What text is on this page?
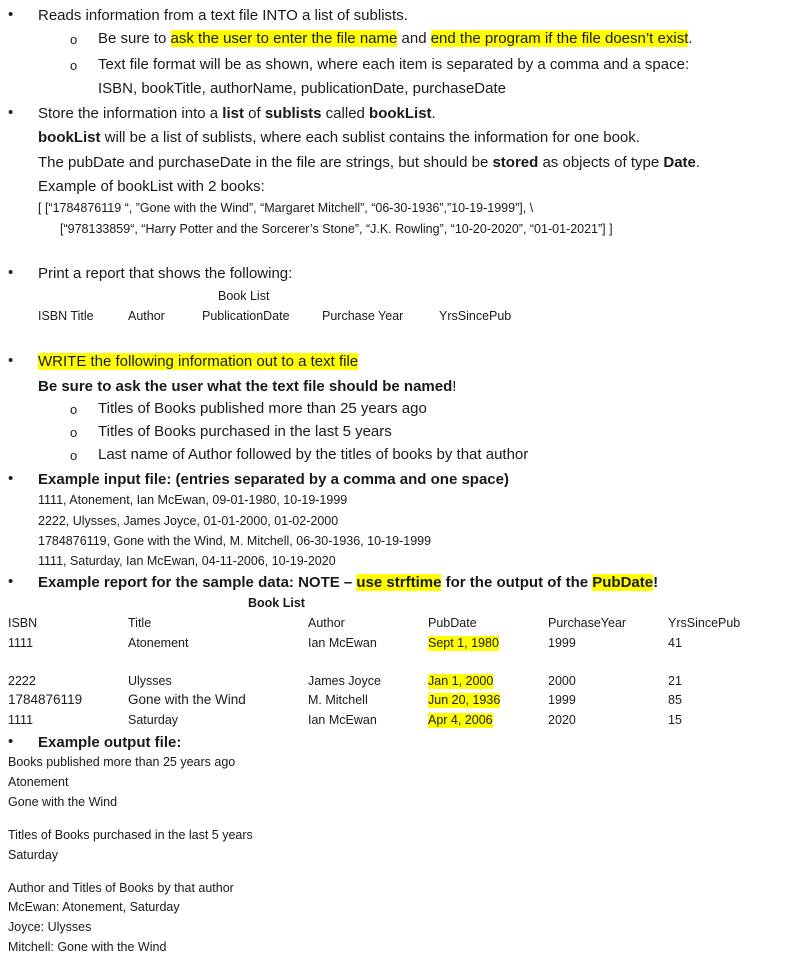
• Reads information from a text file INTO a list of sublists.
o Be sure to ask the user to enter the file name and end the program if the file doesn’t exist.
o Text file format will be as shown, where each item is separated by a comma and a space:
ISBN, bookTitle, authorName, publicationDate, purchaseDate
• Store the information into a list of sublists called bookList.
bookList will be a list of sublists, where each sublist contains the information for one book.
The pubDate and purchaseDate in the file are strings, but should be stored as objects of type Date.
Example of bookList with 2 books:
[ [“1784876119 “, ”Gone with the Wind”, “Margaret Mitchell”, “06-30-1936”,”10-19-1999”], \
[“978133859“, “Harry Potter and the Sorcerer’s Stone”, “J.K. Rowling”, “10-20-2020”, “01-01-2021”] ]
• Print a report that shows the following:
Book List
ISBN Title	Author	PublicationDate	Purchase Year	YrsSincePub
• WRITE the following information out to a text file
Be sure to ask the user what the text file should be named!
o Titles of Books published more than 25 years ago
o Titles of Books purchased in the last 5 years
o Last name of Author followed by the titles of books by that author
• Example input file: (entries separated by a comma and one space)
1111, Atonement, Ian McEwan, 09-01-1980, 10-19-1999
2222, Ulysses, James Joyce, 01-01-2000, 01-02-2000
1784876119, Gone with the Wind, M. Mitchell, 06-30-1936, 10-19-1999
1111, Saturday, Ian McEwan, 04-11-2006, 10-19-2020
• Example report for the sample data: NOTE – use strftime for the output of the PubDate!
Book List
ISBN	Title	Author	PubDate	PurchaseYear	YrsSincePub
1111	Atonement	Ian McEwan	Sept 1, 1980	1999	41
2222	Ulysses	James Joyce	Jan 1, 2000	2000	21
1784876119	Gone with the Wind	M. Mitchell	Jun 20, 1936	1999	85
1111	Saturday	Ian McEwan	Apr 4, 2006	2020	15
• Example output file:
Books published more than 25 years ago
Atonement
Gone with the Wind
Titles of Books purchased in the last 5 years
Saturday
Author and Titles of Books by that author
McEwan: Atonement, Saturday
Joyce: Ulysses
Mitchell: Gone with the Wind
